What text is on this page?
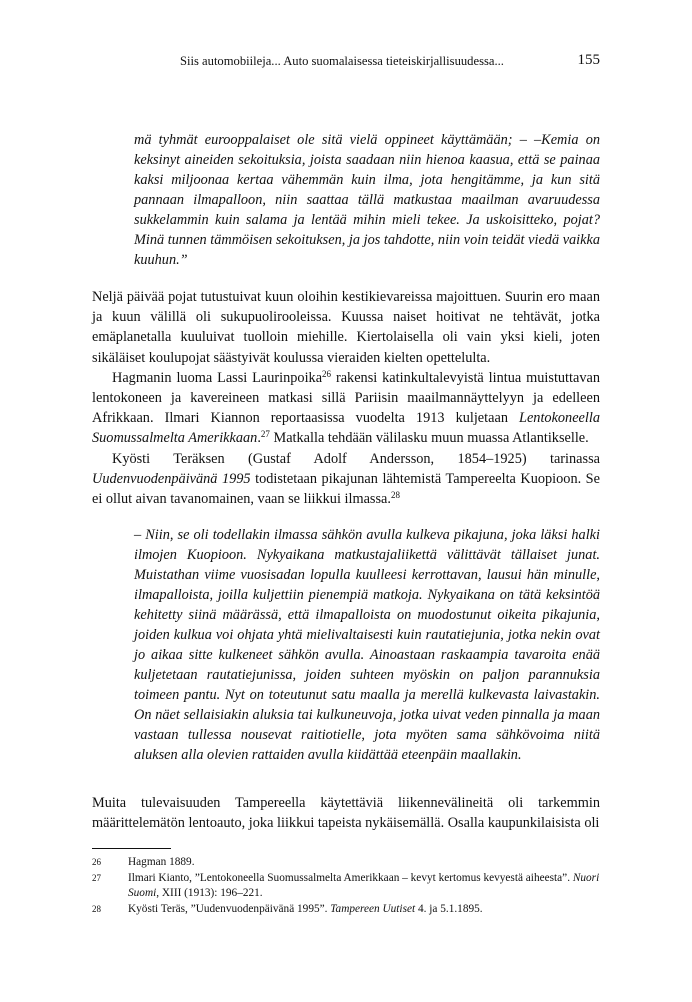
Siis automobiileja... Auto suomalaisessa tieteiskirjallisuudessa...	155
mä tyhmät eurooppalaiset ole sitä vielä oppineet käyttämään; – –Kemia on keksinyt aineiden sekoituksia, joista saadaan niin hienoa kaasua, että se painaa kaksi miljoonaa kertaa vähemmän kuin ilma, jota hengitämme, ja kun sitä pannaan ilmapalloon, niin saattaa tällä matkustaa maailman avaruudessa sukkelammin kuin salama ja lentää mihin mieli tekee. Ja uskoisitteko, pojat? Minä tunnen tämmöisen sekoituksen, ja jos tahdotte, niin voin teidät viedä vaikka kuuhun.”

Neljä päivää pojat tutustuivat kuun oloihin kestikievareissa majoittuen. Suurin ero maan ja kuun välillä oli sukupuolirooleissa. Kuussa naiset hoitivat ne tehtävät, jotka emäplanetalla kuuluivat tuolloin miehille. Kiertolaisella oli vain yksi kieli, joten sikäläiset koulupojat säästyivät koulussa vieraiden kielten opettelulta.

Hagmanin luoma Lassi Laurinpoika$^{26}$ rakensi katinkultalevyistä lintua muistuttavan lentokoneen ja kavereineen matkasi sillä Pariisin maailmannäyttelyyn ja edelleen Afrikkaan. Ilmari Kiannon reportaasissa vuodelta 1913 kuljetaan Lentokoneella Suomussalmelta Amerikkaan.$^{27}$ Matkalla tehdään välilasku muun muassa Atlantikselle.

Kyösti Teräksen (Gustaf Adolf Andersson, 1854–1925) tarinassa Uudenvuodenpäivänä 1995 todistetaan pikajunan lähtemistä Tampereelta Kuopioon. Se ei ollut aivan tavanomainen, vaan se liikkui ilmassa.$^{28}$

– Niin, se oli todellakin ilmassa sähkön avulla kulkeva pikajuna, joka läksi halki ilmojen Kuopioon. Nykyaikana matkustajaliikettä välittävät tällaiset junat. Muistathan viime vuosisadan lopulla kuulleesi kerrottavan, lausui hän minulle, ilmapalloista, joilla kuljettiin pienempiä matkoja. Nykyaikana on tätä keksintöä kehitetty siinä määrässä, että ilmapalloista on muodostunut oikeita pikajunia, joiden kulkua voi ohjata yhtä mielivaltaisesti kuin rautatiejunia, jotka nekin ovat jo aikaa sitte kulkeneet sähkön avulla. Ainoastaan raskaampia tavaroita enää kuljetetaan rautatiejunissa, joiden suhteen myöskin on paljon parannuksia toimeen pantu. Nyt on toteutunut satu maalla ja merellä kulkevasta laivastakin. On näet sellaisiakin aluksia tai kulkuneuvoja, jotka uivat veden pinnalla ja maan vastaan tullessa nousevat raitiotielle, jota myöten sama sähkövoima niitä aluksen alla olevien rattaiden avulla kiidättää eteenpäin maallakin.

Muita tulevaisuuden Tampereella käytettäviä liikennevälineitä oli tarkemmin määrittelemätön lentoauto, joka liikkui tapeista nykäisemällä. Osalla kaupunkilaisista oli

26 Hagman 1889.

27 Ilmari Kianto, ”Lentokoneella Suomussalmelta Amerikkaan – kevyt kertomus kevyestä aiheesta”. Nuori Suomi, XIII (1913): 196–221.

28 Kyösti Teräs, ”Uudenvuodenpäivänä 1995”. Tampereen Uutiset 4. ja 5.1.1895.
